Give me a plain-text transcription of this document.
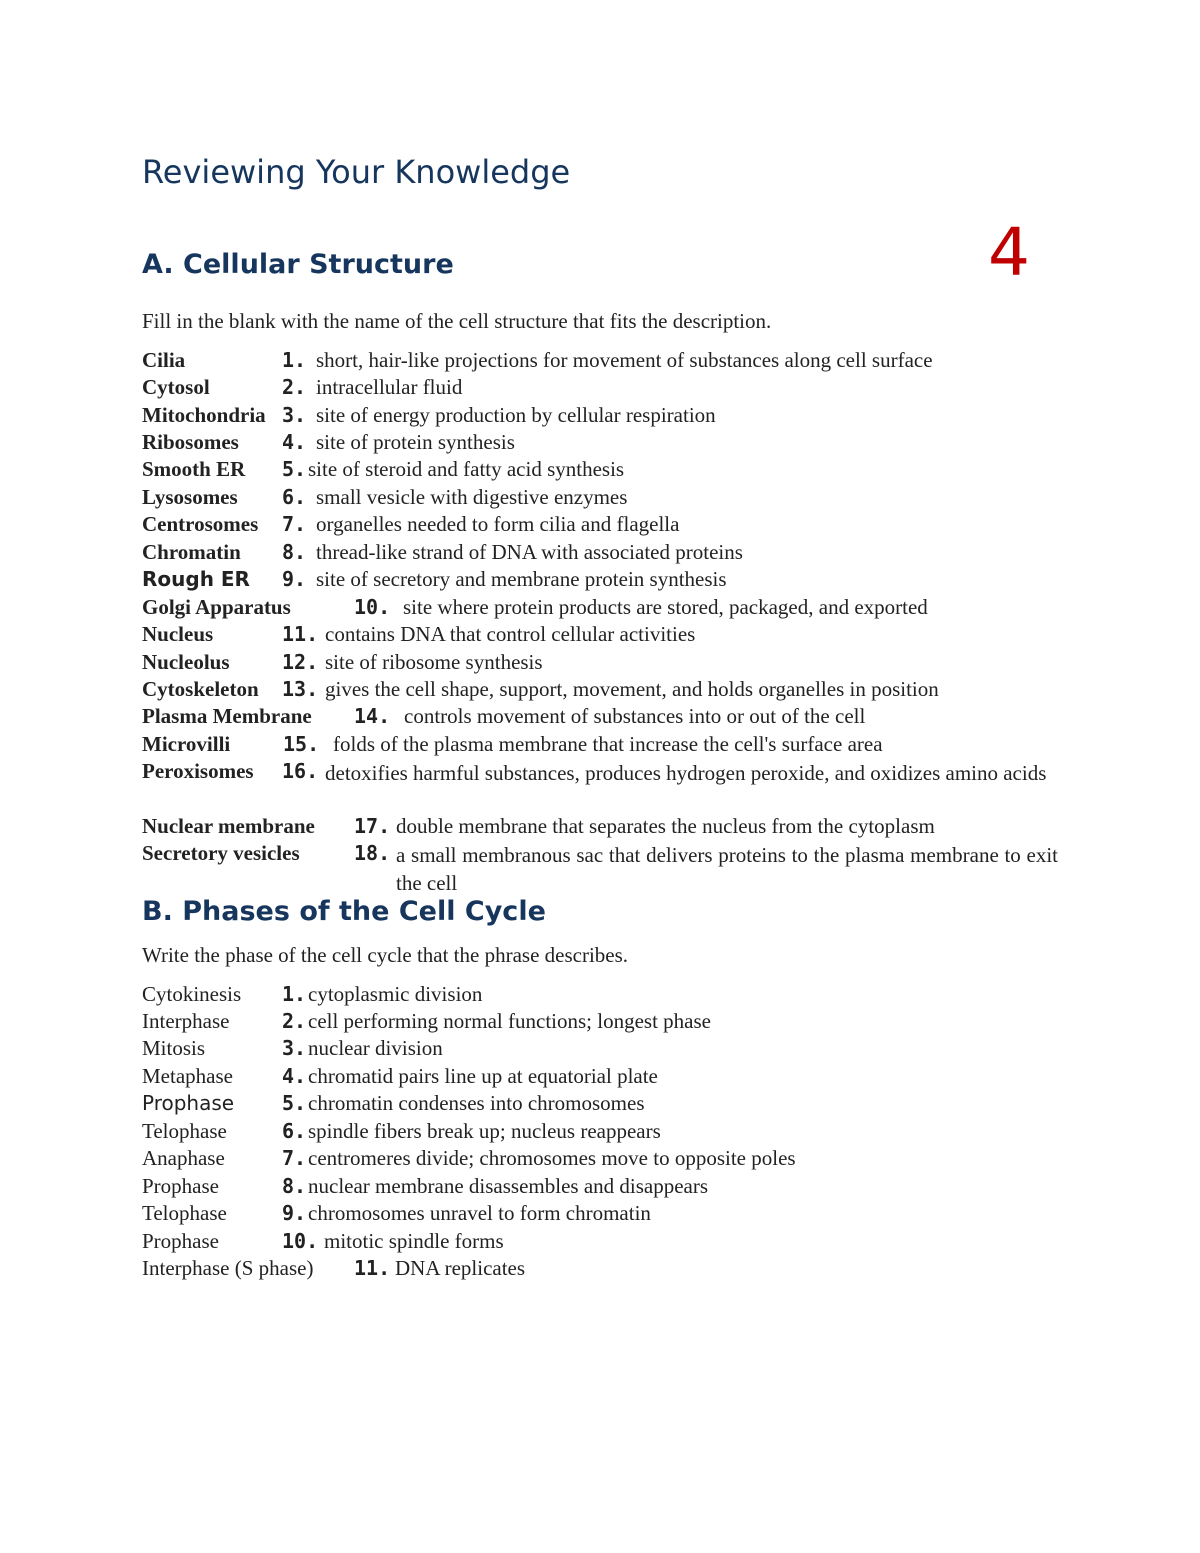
Reviewing Your Knowledge
A. Cellular Structure	4
Fill in the blank with the name of the cell structure that fits the description.
Cilia	1. short, hair-like projections for movement of substances along cell surface
Cytosol	2. intracellular fluid
Mitochondria 3. site of energy production by cellular respiration
Ribosomes 4. site of protein synthesis
Smooth ER 5. site of steroid and fatty acid synthesis
Lysosomes 6. small vesicle with digestive enzymes
Centrosomes 7. organelles needed to form cilia and flagella
Chromatin 8. thread-like strand of DNA with associated proteins
Rough ER 9. site of secretory and membrane protein synthesis
Golgi Apparatus	10. site where protein products are stored, packaged, and exported
Nucleus	11. contains DNA that control cellular activities
Nucleolus	12. site of ribosome synthesis
Cytoskeleton 13. gives the cell shape, support, movement, and holds organelles in position
Plasma Membrane 14. controls movement of substances into or out of the cell
Microvilli	15. folds of the plasma membrane that increase the cell's surface area
Peroxisomes 16. detoxifies harmful substances, produces hydrogen peroxide, and oxidizes amino acids
Nuclear membrane 17. double membrane that separates the nucleus from the cytoplasm
Secretory vesicles	18. a small membranous sac that delivers proteins to the plasma membrane to exit the cell
B. Phases of the Cell Cycle
Write the phase of the cell cycle that the phrase describes.
Cytokinesis 1. cytoplasmic division
Interphase	2. cell performing normal functions; longest phase
Mitosis	3. nuclear division
Metaphase 4. chromatid pairs line up at equatorial plate
Prophase 5. chromatin condenses into chromosomes
Telophase	6. spindle fibers break up; nucleus reappears
Anaphase	7. centromeres divide; chromosomes move to opposite poles
Prophase	8. nuclear membrane disassembles and disappears
Telophase	9. chromosomes unravel to form chromatin
Prophase	10. mitotic spindle forms
Interphase (S phase) 11. DNA replicates
